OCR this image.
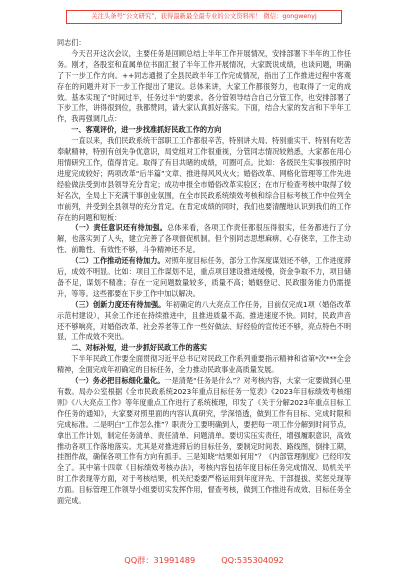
关注头条号“公文研究”，获得最新最全最专业的公文资料库！ 微信：gongwenyj

同志们：

今天召开这次会议，主要任务是回顾总结上半年工作开展情况，安排部署下半年的工作任务。刚才，各股室和直属单位书面汇报了半年工作开展情况，大家既说成绩，也谈问题，明确了下一步工作方向。++同志通报了全县民政半年工作完成情况，指出了工作推进过程中客观存在的问题并对下一步工作提出了建议。总体来讲，大家工作都很努力，也取得了一定的成效。基本实现了“时间过半，任务过半”的要求。各分管领导结合自己分管工作，也安排部署了下步工作，讲得很到位，我都赞同，请大家认真抓好落实。下面，结合大家的发言和下半年工作，我再强调几点：

一、客观评价，进一步找准抓好民政工作的方向

一直以来，我们民政系统干部职工工作都很辛苦，特别讲大局、特别重实干、特别有吃苦奉献精神，特别有创先争优意识，局党组对工作很重视，分管同志情况较熟悉，大家都在用心用情研究工作，值得肯定。取得了有目共睹的成绩，可圈可点。比如：各级民生实事按照序时进度完成较好；两项改革“后半篇”文章、推进得风风火火；婚俗改革、网格化管理等工作先进经验做法受到市县领导充分肯定；成功申报全市婚俗改革实验区；在市厅检查考核中取得了较好名次，全局上下充满干事创业氛围，在全市民政系统绩效考核和综合目标考核工作中位列全市前列，并受到全县领导的充分肯定。在肯定成绩的同时，我们也要清醒地认识到我们的工作存在的问题和短板：

（一）责任意识还有待加强。总体来看，各项工作责任都很压得很实，任务都进行了分解，也落实到了人头，建立完善了各项督促机制。但个别同志思想麻痹、心存侥幸，工作主动性、前瞻性、有效性不够，斗争精神还不足。

（二）工作推动还有待加力。对照年度目标任务，部分工作深度谋划还不够，工作进度滞后，成效不明显。比如：项目工作谋划不足，重点项目建设推进缓慢，资金争取不力，项目储备不足，谋划不精准；存在一定问题数量较多，质量不高；婚姻登记、民政服务能力仍需提升，等等。这些都要在下步工作中加以解决。

（三）创新力度还有待加强。年初确定的八大亮点工作任务，目前仅完成1项（婚俗改革示范村建设），其余工作还在持续推进中，且推进质量不高、推进速度不快。同时，民政声音还不够响亮，对婚俗改革、社会养老等工作一些好做法、好经验的宣传还不够，亮点特色不明显，工作成效不突出。

二、对标补短，进一步抓好民政工作的落实

下半年民政工作要全面贯彻习近平总书记对民政工作系列重要指示精神和省第*次***全会精神，全面完成年初确定的目标任务，全力推动民政事业高质量发展。

（一）务必把目标细化量化。一是清楚“任务是什么”？对考核内容，大家一定要做到心里有数。局办公室根据《全市民政系统2023年重点目标任务一览表》《2023年目标绩效考核细则》《八大亮点工作》等年度重点工作进行了系统梳理，印发了《关于分解2023年重点目标工作任务的通知》，大家要对照里面的内容认真研究，学深悟透，做到工作有目标、完成时限和完成标准。二是明白“工作怎么推”？职责分工要明确到人，要把每一项工作分解到时间节点，拿出工作计划，制定任务清单、责任清单、问题清单。要切实压实责任，增强履职意识，高效推动各项工作落地落实。尤其是对推进滞后的目标任务，要制定时间表、路线图，倒排工期，挂图作战，确保各项工作有方向有抓手。三是知晓“结果如何用”？《内部管理制度》已经印发全了。其中第十四章《目标绩效考核办法》，考核内容包括年度目标任务完成情况、局机关平时工作表现等方面，对于考核结果，机关纪委要严格运用到年度评先、干部提拔、奖惩兑现等方面。目标管理工作领导小组要切实发挥作用，督查考核，做到工作推进有成效、目标任务全面完成。

QQ群：31991489          QQ:535304092
